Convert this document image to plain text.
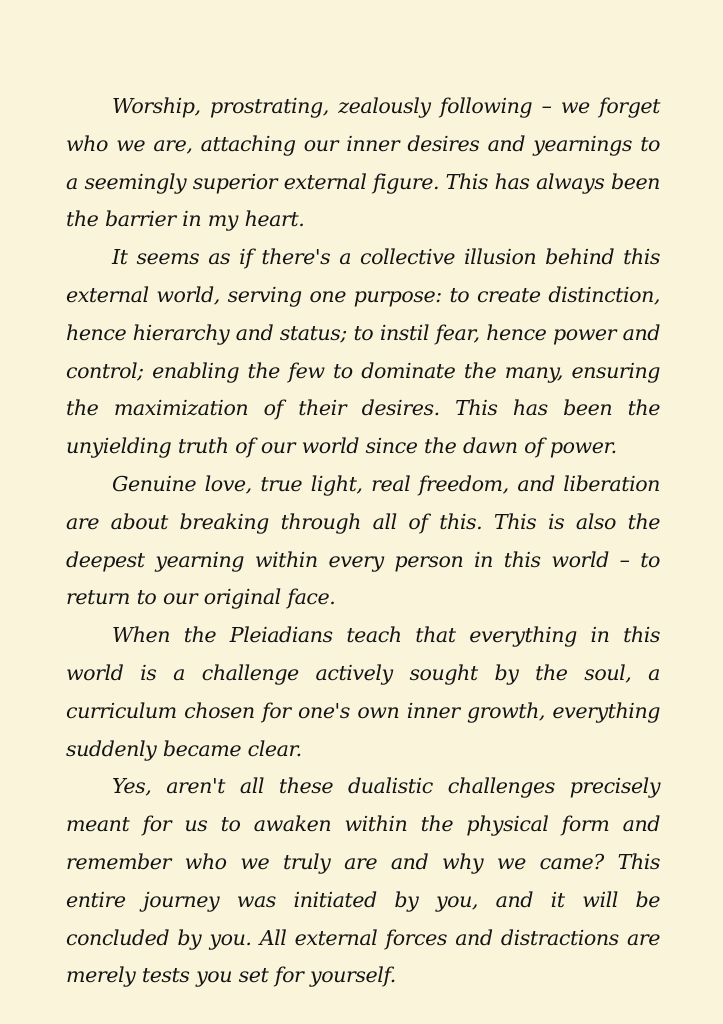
Worship, prostrating, zealously following – we forget who we are, attaching our inner desires and yearnings to a seemingly superior external figure. This has always been the barrier in my heart.

It seems as if there's a collective illusion behind this external world, serving one purpose: to create distinction, hence hierarchy and status; to instil fear, hence power and control; enabling the few to dominate the many, ensuring the maximization of their desires. This has been the unyielding truth of our world since the dawn of power.

Genuine love, true light, real freedom, and liberation are about breaking through all of this. This is also the deepest yearning within every person in this world – to return to our original face.

When the Pleiadians teach that everything in this world is a challenge actively sought by the soul, a curriculum chosen for one's own inner growth, everything suddenly became clear.

Yes, aren't all these dualistic challenges precisely meant for us to awaken within the physical form and remember who we truly are and why we came? This entire journey was initiated by you, and it will be concluded by you. All external forces and distractions are merely tests you set for yourself.
